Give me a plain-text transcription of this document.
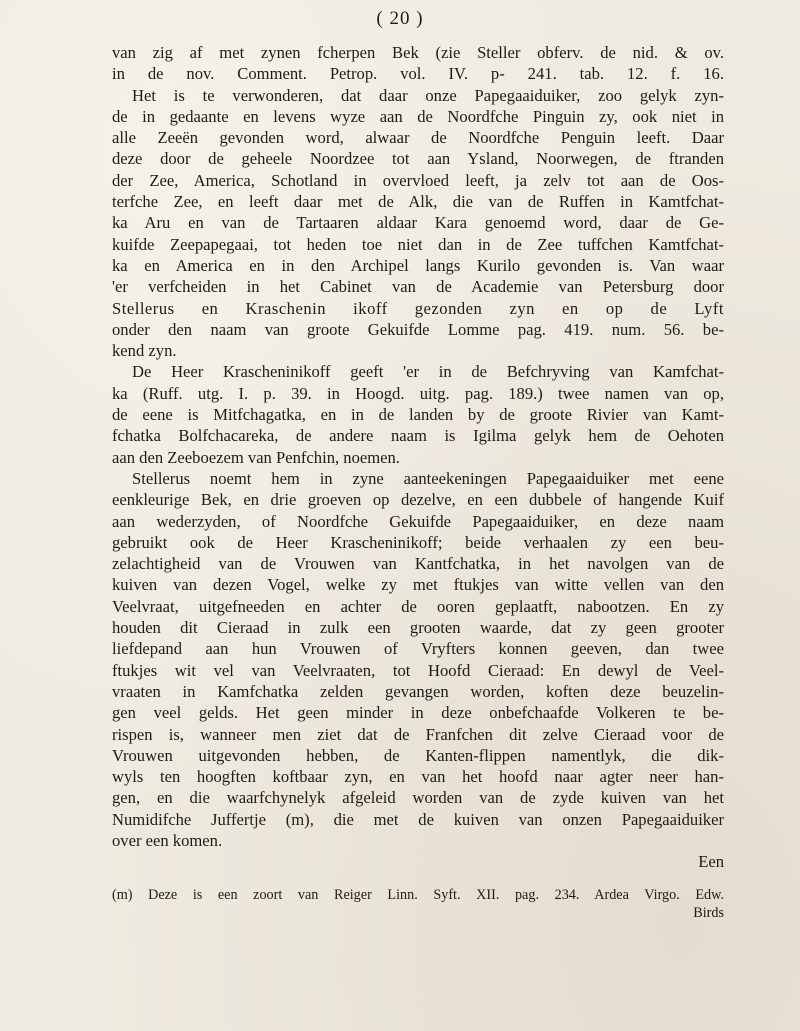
( 20 )
van zig af met zynen fcherpen Bek (zie Steller obferv. de nid. & ov.
in de nov. Comment. Petrop. vol. IV. p- 241. tab. 12. f. 16.
Het is te verwonderen, dat daar onze Papegaaiduiker, zoo gelyk zyn-
de in gedaante en levens wyze aan de Noordfche Pinguin zy, ook niet in
alle Zeeën gevonden word, alwaar de Noordfche Penguin leeft. Daar
deze door de geheele Noordzee tot aan Ysland, Noorwegen, de ftranden
der Zee, America, Schotland in overvloed leeft, ja zelv tot aan de Oos-
terfche Zee, en leeft daar met de Alk, die van de Ruffen in Kamtfchat-
ka Aru en van de Tartaaren aldaar Kara genoemd word, daar de Ge-
kuifde Zeepapegaai, tot heden toe niet dan in de Zee tuffchen Kamtfchat-
ka en America en in den Archipel langs Kurilo gevonden is. Van waar
'er verfcheiden in het Cabinet van de Academie van Petersburg door
Stellerus en Kraschenin ikoff gezonden zyn en op de Lyft
onder den naam van groote Gekuifde Lomme pag. 419. num. 56. be-
kend zyn.
De Heer Krascheninikoff geeft 'er in de Befchryving van Kamfchat-
ka (Ruff. utg. I. p. 39. in Hoogd. uitg. pag. 189.) twee namen van op,
de eene is Mitfchagatka, en in de landen by de groote Rivier van Kamt-
fchatka Bolfchacareka, de andere naam is Igilma gelyk hem de Oehoten
aan den Zeeboezem van Penfchin, noemen.
Stellerus noemt hem in zyne aanteekeningen Papegaaiduiker met eene
eenkleurige Bek, en drie groeven op dezelve, en een dubbele of hangende Kuif
aan wederzyden, of Noordfche Gekuifde Papegaaiduiker, en deze naam
gebruikt ook de Heer Krascheninikoff; beide verhaalen zy een beu-
zelachtigheid van de Vrouwen van Kantfchatka, in het navolgen van de
kuiven van dezen Vogel, welke zy met ftukjes van witte vellen van den
Veelvraat, uitgefneeden en achter de ooren geplaatft, nabootzen. En zy
houden dit Cieraad in zulk een grooten waarde, dat zy geen grooter
liefdepand aan hun Vrouwen of Vryfters konnen geeven, dan twee
ftukjes wit vel van Veelvraaten, tot Hoofd Cieraad: En dewyl de Veel-
vraaten in Kamfchatka zelden gevangen worden, koften deze beuzelin-
gen veel gelds. Het geen minder in deze onbefchaafde Volkeren te be-
rispen is, wanneer men ziet dat de Franfchen dit zelve Cieraad voor de
Vrouwen uitgevonden hebben, de Kanten-flippen namentlyk, die dik-
wyls ten hoogften koftbaar zyn, en van het hoofd naar agter neer han-
gen, en die waarfchynelyk afgeleid worden van de zyde kuiven van het
Numidifche Juffertje (m), die met de kuiven van onzen Papegaaiduiker
over een komen.
Een
(m) Deze is een zoort van Reiger Linn. Syft. XII. pag. 234. Ardea Virgo. Edw.
Birds
